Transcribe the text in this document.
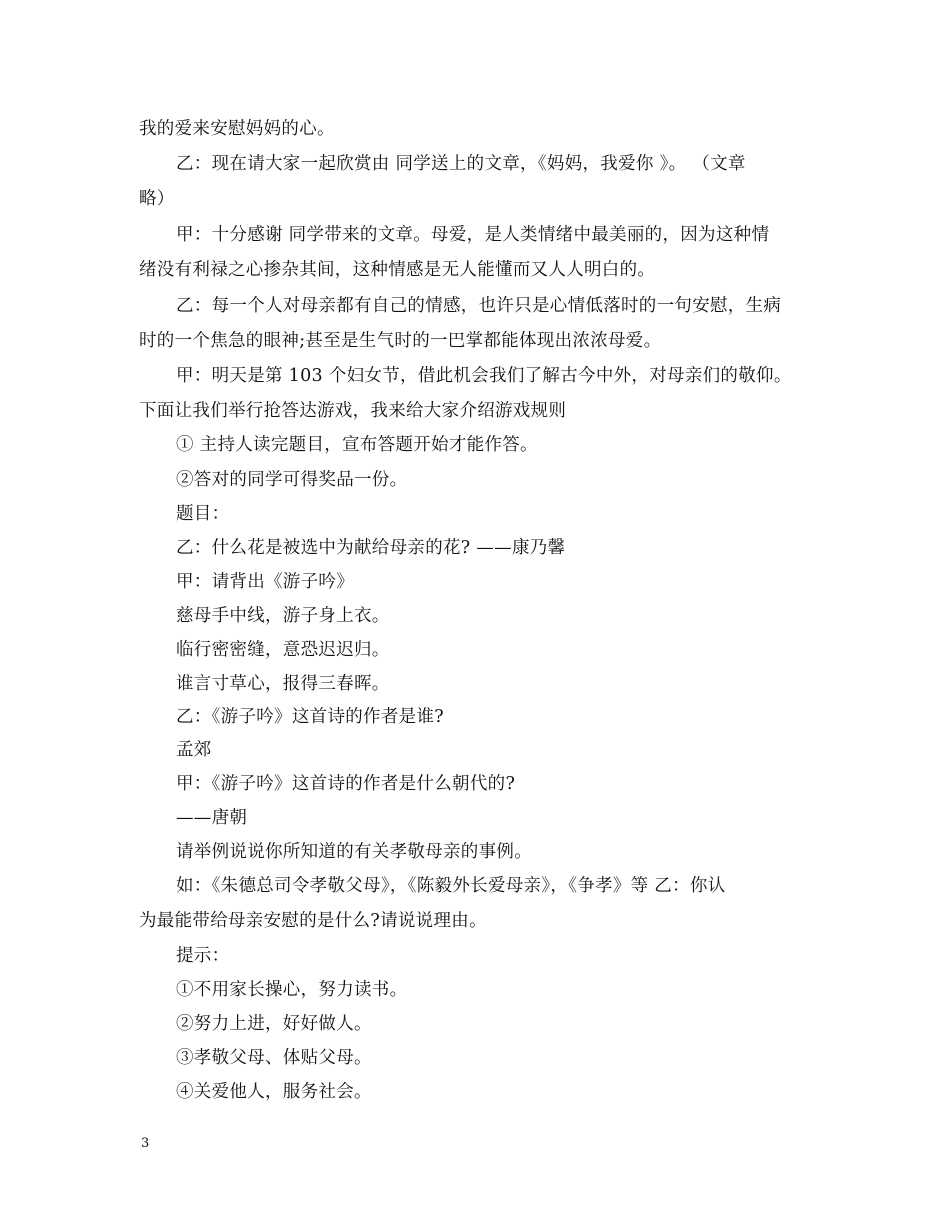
我的爱来安慰妈妈的心。
乙：现在请大家一起欣赏由 同学送上的文章，《妈妈，我爱你 》。 （文章
略）
甲：十分感谢 同学带来的文章。母爱，是人类情绪中最美丽的，因为这种情
绪没有利禄之心掺杂其间，这种情感是无人能懂而又人人明白的。
乙：每一个人对母亲都有自己的情感，也许只是心情低落时的一句安慰，生病
时的一个焦急的眼神;甚至是生气时的一巴掌都能体现出浓浓母爱。
甲：明天是第 103 个妇女节，借此机会我们了解古今中外，对母亲们的敬仰。
下面让我们举行抢答达游戏，我来给大家介绍游戏规则
① 主持人读完题目，宣布答题开始才能作答。
②答对的同学可得奖品一份。
题目：
乙：什么花是被选中为献给母亲的花? ——康乃馨
甲：请背出《游子吟》
慈母手中线，游子身上衣。
临行密密缝，意恐迟迟归。
谁言寸草心，报得三春晖。
乙：《游子吟》这首诗的作者是谁?
孟郊
甲：《游子吟》这首诗的作者是什么朝代的?
——唐朝
请举例说说你所知道的有关孝敬母亲的事例。
如：《朱德总司令孝敬父母》，《陈毅外长爱母亲》，《争孝》等 乙：你认
为最能带给母亲安慰的是什么?请说说理由。
提示：
①不用家长操心，努力读书。
②努力上进，好好做人。
③孝敬父母、体贴父母。
④关爱他人，服务社会。
3
